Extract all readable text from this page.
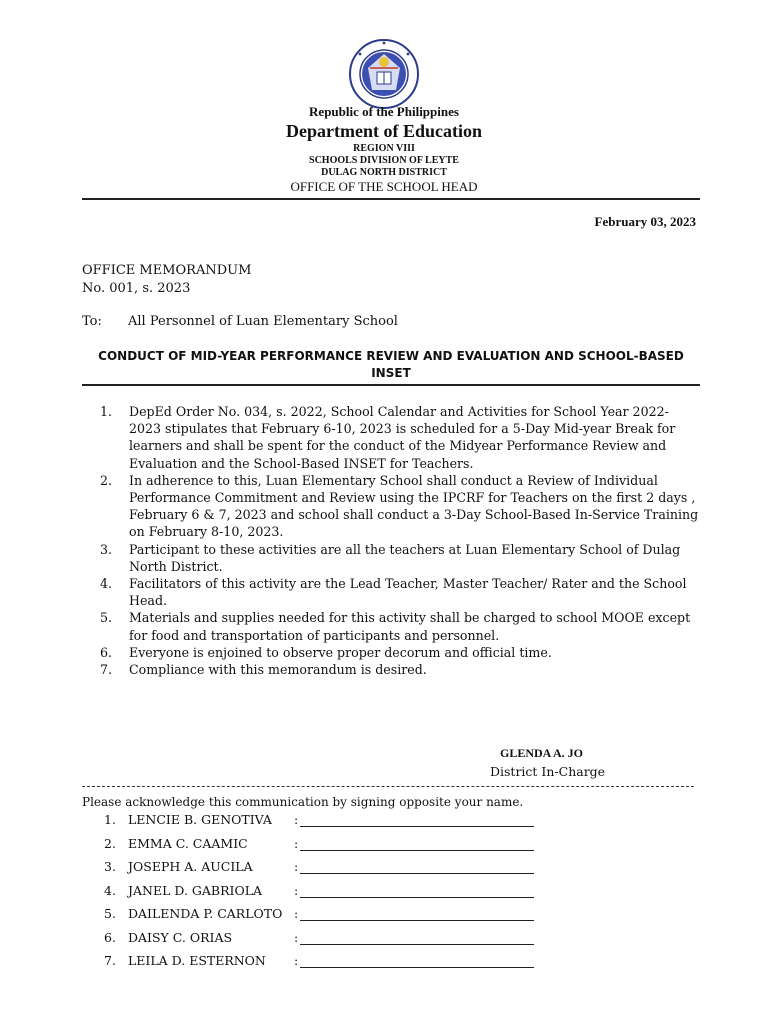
Republic of the Philippines
Department of Education
REGION VIII
SCHOOLS DIVISION OF LEYTE
DULAG NORTH DISTRICT
OFFICE OF THE SCHOOL HEAD
February 03, 2023
OFFICE MEMORANDUM
No. 001, s. 2023
To: All Personnel of Luan Elementary School
CONDUCT OF MID-YEAR PERFORMANCE REVIEW AND EVALUATION AND SCHOOL-BASED INSET
1. DepEd Order No. 034, s. 2022, School Calendar and Activities for School Year 2022-2023 stipulates that February 6-10, 2023 is scheduled for a 5-Day Mid-year Break for learners and shall be spent for the conduct of the Midyear Performance Review and Evaluation and the School-Based INSET for Teachers.
2. In adherence to this, Luan Elementary School shall conduct a Review of Individual Performance Commitment and Review using the IPCRF for Teachers on the first 2 days , February 6 & 7, 2023 and school shall conduct a 3-Day School-Based In-Service Training on February 8-10, 2023.
3. Participant to these activities are all the teachers at Luan Elementary School of Dulag North District.
4. Facilitators of this activity are the Lead Teacher, Master Teacher/ Rater and the School Head.
5. Materials and supplies needed for this activity shall be charged to school MOOE except for food and transportation of participants and personnel.
6. Everyone is enjoined to observe proper decorum and official time.
7. Compliance with this memorandum is desired.
GLENDA A. JO
District In-Charge
Please acknowledge this communication by signing opposite your name.
1. LENCIE B. GENOTIVA :
2. EMMA C. CAAMIC	:
3. JOSEPH A. AUCILA	:
4. JANEL D. GABRIOLA	:
5. DAILENDA P. CARLOTO :
6. DAISY C. ORIAS	:
7. LEILA D. ESTERNON :
